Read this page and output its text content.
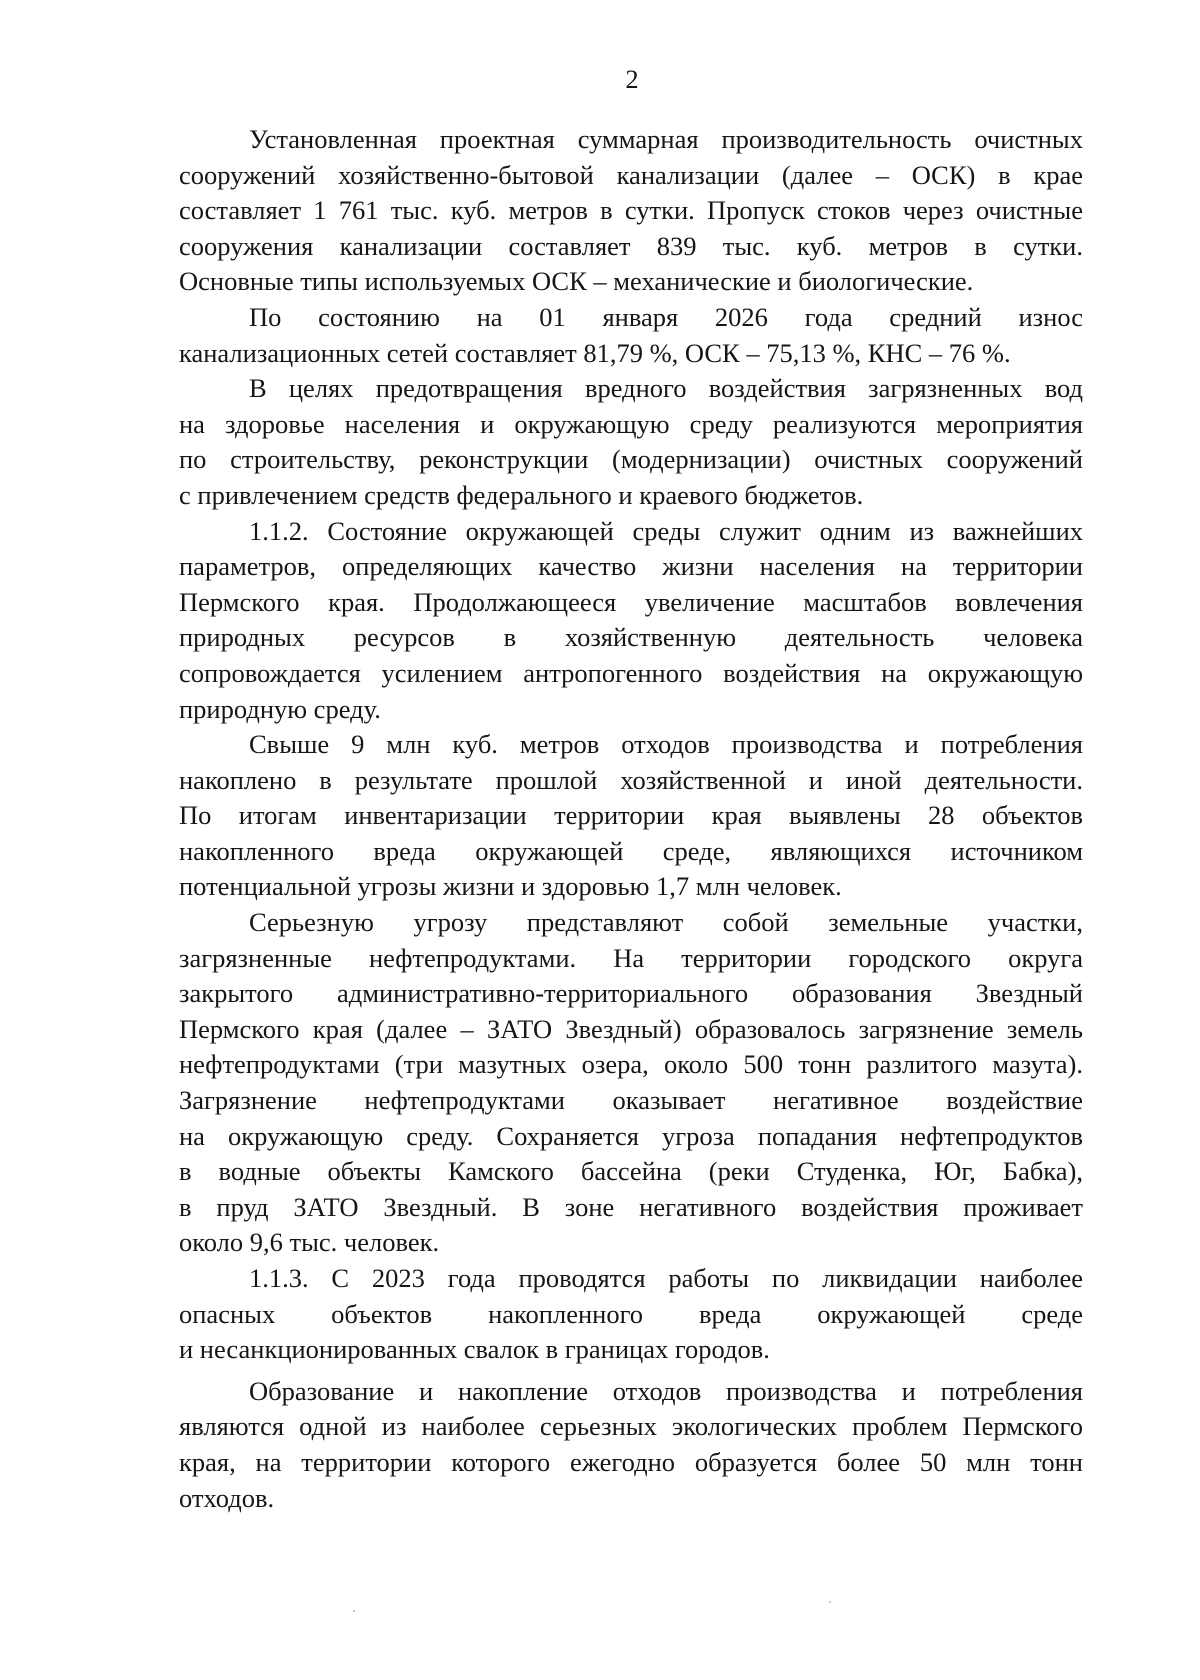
2
Установленная проектная суммарная производительность очистных
сооружений хозяйственно-бытовой канализации (далее – ОСК) в крае
составляет 1 761 тыс. куб. метров в сутки. Пропуск стоков через очистные
сооружения канализации составляет 839 тыс. куб. метров в сутки.
Основные типы используемых ОСК – механические и биологические.
По состоянию на 01 января 2026 года средний износ
канализационных сетей составляет 81,79 %, ОСК – 75,13 %, КНС – 76 %.
В целях предотвращения вредного воздействия загрязненных вод
на здоровье населения и окружающую среду реализуются мероприятия
по строительству, реконструкции (модернизации) очистных сооружений
с привлечением средств федерального и краевого бюджетов.
1.1.2. Состояние окружающей среды служит одним из важнейших
параметров, определяющих качество жизни населения на территории
Пермского края. Продолжающееся увеличение масштабов вовлечения
природных ресурсов в хозяйственную деятельность человека
сопровождается усилением антропогенного воздействия на окружающую
природную среду.
Свыше 9 млн куб. метров отходов производства и потребления
накоплено в результате прошлой хозяйственной и иной деятельности.
По итогам инвентаризации территории края выявлены 28 объектов
накопленного вреда окружающей среде, являющихся источником
потенциальной угрозы жизни и здоровью 1,7 млн человек.
Серьезную угрозу представляют собой земельные участки,
загрязненные нефтепродуктами. На территории городского округа
закрытого административно-территориального образования Звездный
Пермского края (далее – ЗАТО Звездный) образовалось загрязнение земель
нефтепродуктами (три мазутных озера, около 500 тонн разлитого мазута).
Загрязнение нефтепродуктами оказывает негативное воздействие
на окружающую среду. Сохраняется угроза попадания нефтепродуктов
в водные объекты Камского бассейна (реки Студенка, Юг, Бабка),
в пруд ЗАТО Звездный. В зоне негативного воздействия проживает
около 9,6 тыс. человек.
1.1.3. С 2023 года проводятся работы по ликвидации наиболее
опасных объектов накопленного вреда окружающей среде
и несанкционированных свалок в границах городов.
Образование и накопление отходов производства и потребления
являются одной из наиболее серьезных экологических проблем Пермского
края, на территории которого ежегодно образуется более 50 млн тонн
отходов.
